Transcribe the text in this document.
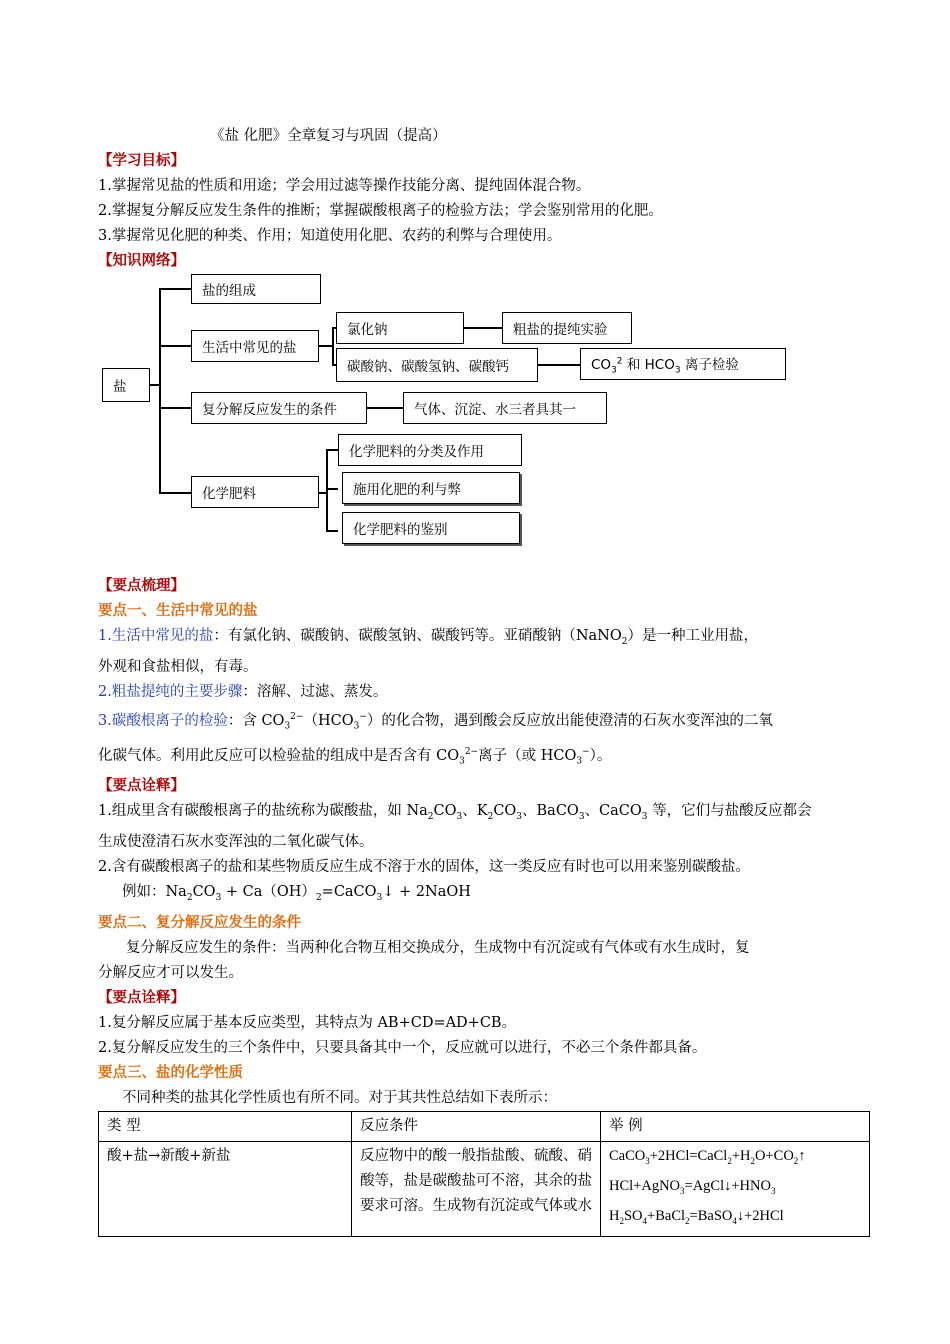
《盐 化肥》全章复习与巩固（提高）
【学习目标】
1.掌握常见盐的性质和用途；学会用过滤等操作技能分离、提纯固体混合物。
2.掌握复分解反应发生条件的推断；掌握碳酸根离子的检验方法；学会鉴别常用的化肥。
3.掌握常见化肥的种类、作用；知道使用化肥、农药的利弊与合理使用。
【知识网络】
盐
盐的组成
生活中常见的盐
氯化钠	粗盐的提纯实验
碳酸钠、碳酸氢钠、碳酸钙	$CO_3^2$ 和 $HCO_3$ 离子检验
复分解反应发生的条件	气体、沉淀、水三者具其一
化学肥料
化学肥料的分类及作用
施用化肥的利与弊
化学肥料的鉴别
【要点梳理】
要点一、生活中常见的盐
1.生活中常见的盐：有氯化钠、碳酸钠、碳酸氢钠、碳酸钙等。亚硝酸钠（NaNO$_2$）是一种工业用盐，
外观和食盐相似，有毒。
2.粗盐提纯的主要步骤：溶解、过滤、蒸发。
3.碳酸根离子的检验：含 $CO_3^{2-}(HCO_3^-)$的化合物，遇到酸会反应放出能使澄清的石灰水变浑浊的二氧
化碳气体。利用此反应可以检验盐的组成中是否含有 $CO_3^{2-}$离子（或 $HCO_3^-$）。
【要点诠释】
1.组成里含有碳酸根离子的盐统称为碳酸盐，如 $Na_2CO_3$、$K_2CO_3$、BaCO$_3$、CaCO$_3$ 等，它们与盐酸反应都会
生成使澄清石灰水变浑浊的二氧化碳气体。
2.含有碳酸根离子的盐和某些物质反应生成不溶于水的固体，这一类反应有时也可以用来鉴别碳酸盐。
例如：$Na_2CO_3$ + $Ca(OH)_2=CaCO_3↓$ + 2NaOH
要点二、复分解反应发生的条件
复分解反应发生的条件：当两种化合物互相交换成分，生成物中有沉淀或有气体或有水生成时，复
分解反应才可以发生。
【要点诠释】
1.复分解反应属于基本反应类型，其特点为 AB+CD=AD+CB。
2.复分解反应发生的三个条件中，只要具备其中一个，反应就可以进行，不必三个条件都具备。
要点三、盐的化学性质
不同种类的盐其化学性质也有所不同。对于其共性总结如下表所示：
类 型	反应条件	举 例
酸+盐→新酸+新盐	反应物中的酸一般指盐酸、硫酸、硝酸等，盐是碳酸盐可不溶，其余的盐要求可溶。生成物有沉淀或气体或水	$CaCO_3+2HCl=CaCl_2+H_2O+CO_2↑$
$HCl+AgNO_3=AgCl↓+HNO_3$
$H_2SO_4+BaCl_2=BaSO_4↓+2HCl$
